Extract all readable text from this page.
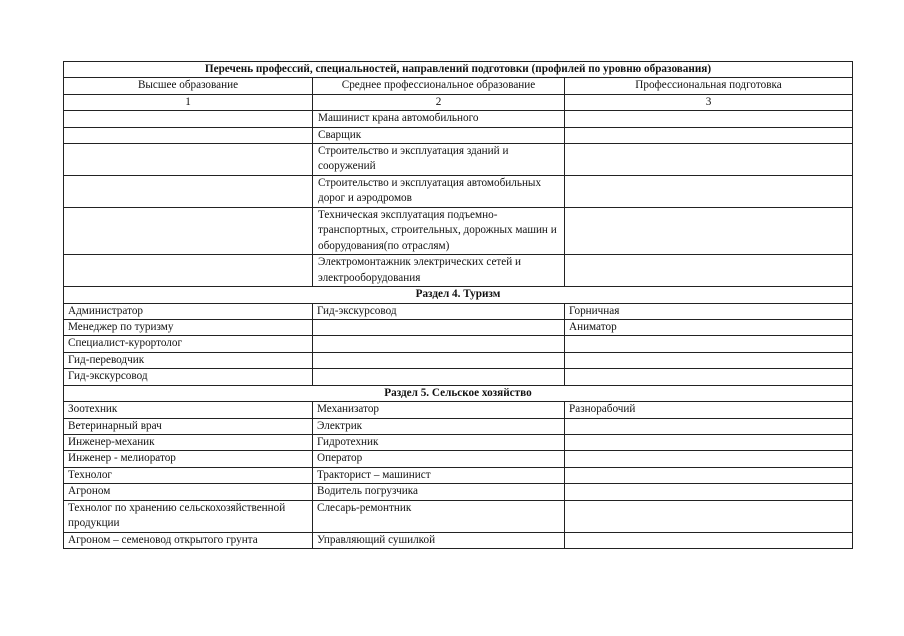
Перечень профессий, специальностей, направлений подготовки (профилей по уровню образования)		
Высшее образование	Среднее профессиональное образование	Профессиональная подготовка
1	2	3
	Машинист крана автомобильного	
	Сварщик	
	Строительство и эксплуатация зданий и сооружений	
	Строительство и эксплуатация автомобильных дорог и аэродромов	
	Техническая эксплуатация подъемно-транспортных, строительных, дорожных машин и оборудования(по отраслям)	
	Электромонтажник электрических сетей и электрооборудования	
Раздел 4. Туризм		
Администратор	Гид-экскурсовод	Горничная
Менеджер по туризму		Аниматор
Специалист-курортолог		
Гид-переводчик		
Гид-экскурсовод		
Раздел 5. Сельское хозяйство		
Зоотехник	Механизатор	Разнорабочий
Ветеринарный врач	Электрик	
Инженер-механик	Гидротехник	
Инженер - мелиоратор	Оператор	
Технолог	Тракторист – машинист	
Агроном	Водитель погрузчика	
Технолог по хранению сельскохозяйственной продукции	Слесарь-ремонтник	
Агроном – семеновод открытого грунта	Управляющий сушилкой	
